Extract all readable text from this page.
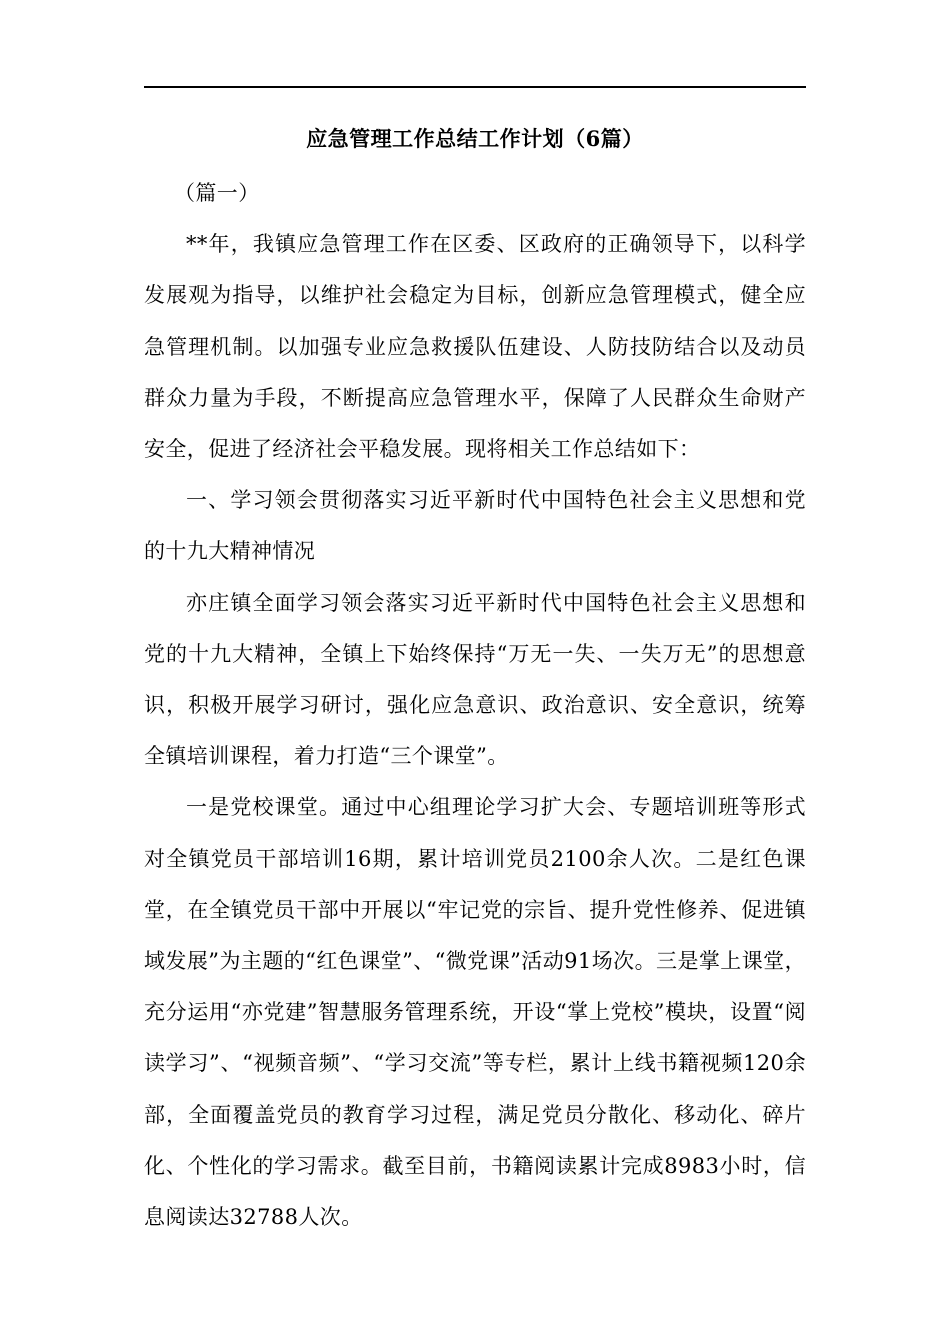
应急管理工作总结工作计划（6篇）

（篇一）

**年，我镇应急管理工作在区委、区政府的正确领导下，以科学发展观为指导，以维护社会稳定为目标，创新应急管理模式，健全应急管理机制。以加强专业应急救援队伍建设、人防技防结合以及动员群众力量为手段，不断提高应急管理水平，保障了人民群众生命财产安全，促进了经济社会平稳发展。现将相关工作总结如下：

一、学习领会贯彻落实习近平新时代中国特色社会主义思想和党的十九大精神情况

亦庄镇全面学习领会落实习近平新时代中国特色社会主义思想和党的十九大精神，全镇上下始终保持“万无一失、一失万无”的思想意识，积极开展学习研讨，强化应急意识、政治意识、安全意识，统筹全镇培训课程，着力打造“三个课堂”。

一是党校课堂。通过中心组理论学习扩大会、专题培训班等形式对全镇党员干部培训16期，累计培训党员2100余人次。二是红色课堂，在全镇党员干部中开展以“牢记党的宗旨、提升党性修养、促进镇域发展”为主题的“红色课堂”、“微党课”活动91场次。三是掌上课堂，充分运用“亦党建”智慧服务管理系统，开设“掌上党校”模块，设置“阅读学习”、“视频音频”、“学习交流”等专栏，累计上线书籍视频120余部，全面覆盖党员的教育学习过程，满足党员分散化、移动化、碎片化、个性化的学习需求。截至目前，书籍阅读累计完成8983小时，信息阅读达32788人次。
